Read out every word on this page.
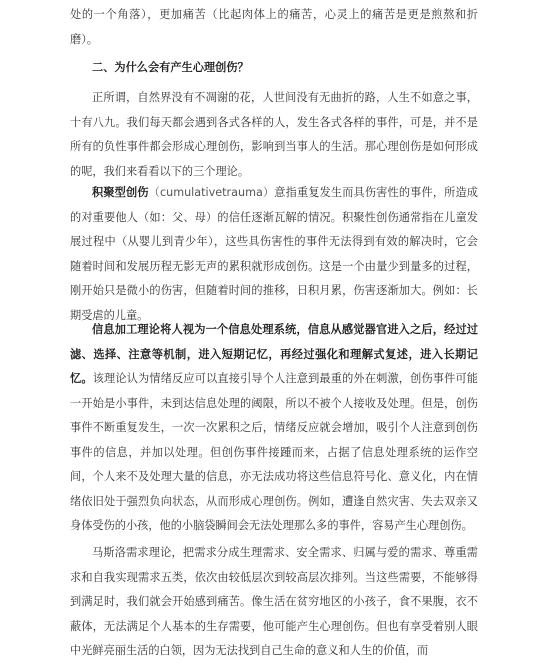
处的一个角落），更加痛苦（比起肉体上的痛苦，心灵上的痛苦是更是煎熬和折磨）。

二、为什么会有产生心理创伤？

正所谓，自然界没有不凋谢的花，人世间没有无曲折的路，人生不如意之事，十有八九。我们每天都会遇到各式各样的人，发生各式各样的事件，可是，并不是所有的负性事件都会形成心理创伤，影响到当事人的生活。那心理创伤是如何形成的呢，我们来看看以下的三个理论。

积聚型创伤（cumulativetrauma）意指重复发生而具伤害性的事件，所造成的对重要他人（如：父、母）的信任逐渐瓦解的情况。积聚性创伤通常指在儿童发展过程中（从婴儿到青少年），这些具伤害性的事件无法得到有效的解决时，它会随着时间和发展历程无影无声的累积就形成创伤。这是一个由量少到量多的过程，刚开始只是微小的伤害，但随着时间的推移，日积月累，伤害逐渐加大。例如：长期受虐的儿童。

信息加工理论将人视为一个信息处理系统，信息从感觉器官进入之后，经过过滤、选择、注意等机制，进入短期记忆，再经过强化和理解式复述，进入长期记忆。该理论认为情绪反应可以直接引导个人注意到最重的外在刺激，创伤事件可能一开始是小事件，未到达信息处理的阈限，所以不被个人接收及处理。但是，创伤事件不断重复发生，一次一次累积之后，情绪反应就会增加，吸引个人注意到创伤事件的信息，并加以处理。但创伤事件接踵而来，占据了信息处理系统的运作空间，个人来不及处理大量的信息，亦无法成功将这些信息符号化、意义化，内在情绪依旧处于强烈负向状态，从而形成心理创伤。例如，遭逢自然灾害、失去双亲又身体受伤的小孩，他的小脑袋瞬间会无法处理那么多的事件，容易产生心理创伤。

马斯洛需求理论，把需求分成生理需求、安全需求、归属与爱的需求、尊重需求和自我实现需求五类，依次由较低层次到较高层次排列。当这些需要，不能够得到满足时，我们就会开始感到痛苦。像生活在贫穷地区的小孩子，食不果腹，衣不蔽体，无法满足个人基本的生存需要，他可能产生心理创伤。但也有享受着别人眼中光鲜亮丽生活的白领，因为无法找到自己生命的意义和人生的价值，而
